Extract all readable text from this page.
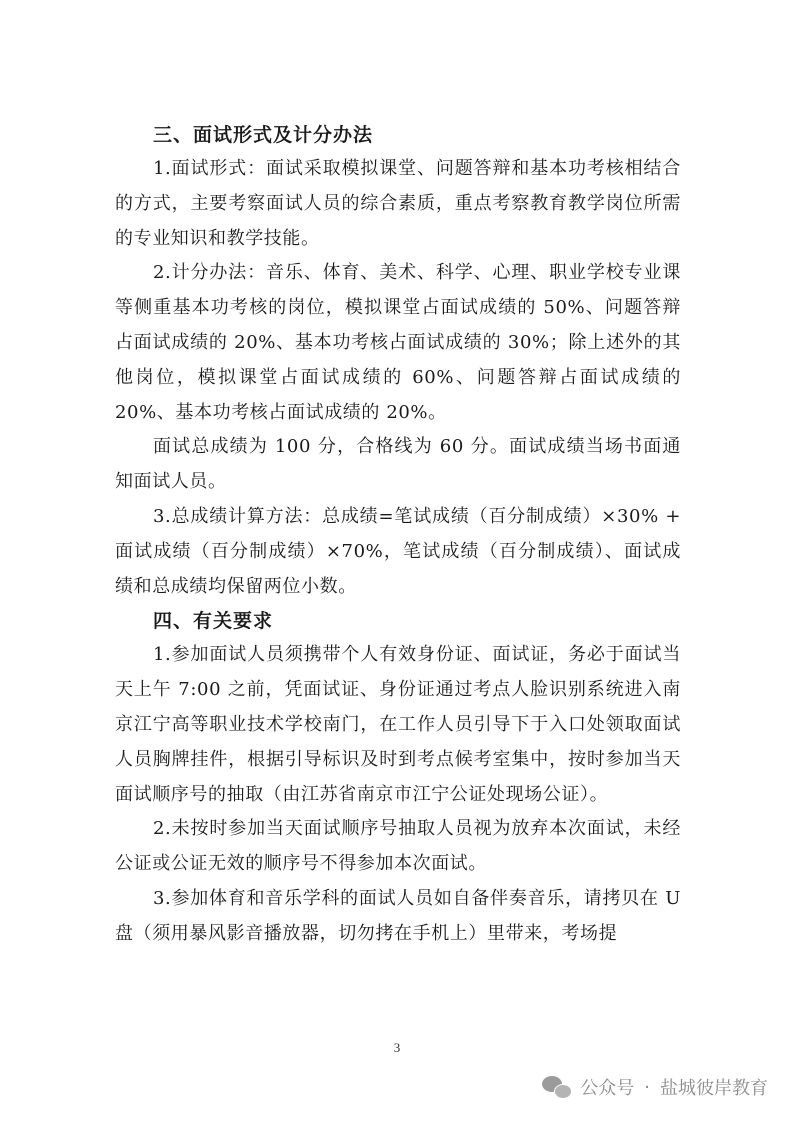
三、面试形式及计分办法

1.面试形式：面试采取模拟课堂、问题答辩和基本功考核相结合的方式，主要考察面试人员的综合素质，重点考察教育教学岗位所需的专业知识和教学技能。

2.计分办法：音乐、体育、美术、科学、心理、职业学校专业课等侧重基本功考核的岗位，模拟课堂占面试成绩的 50%、问题答辩占面试成绩的 20%、基本功考核占面试成绩的 30%；除上述外的其他岗位，模拟课堂占面试成绩的 60%、问题答辩占面试成绩的 20%、基本功考核占面试成绩的 20%。

面试总成绩为 100 分，合格线为 60 分。面试成绩当场书面通知面试人员。

3.总成绩计算方法：总成绩=笔试成绩（百分制成绩）×30% + 面试成绩（百分制成绩）×70%，笔试成绩（百分制成绩）、面试成绩和总成绩均保留两位小数。

四、有关要求

1.参加面试人员须携带个人有效身份证、面试证，务必于面试当天上午 7:00 之前，凭面试证、身份证通过考点人脸识别系统进入南京江宁高等职业技术学校南门，在工作人员引导下于入口处领取面试人员胸牌挂件，根据引导标识及时到考点候考室集中，按时参加当天面试顺序号的抽取（由江苏省南京市江宁公证处现场公证）。

2.未按时参加当天面试顺序号抽取人员视为放弃本次面试，未经公证或公证无效的顺序号不得参加本次面试。

3.参加体育和音乐学科的面试人员如自备伴奏音乐，请拷贝在 U 盘（须用暴风影音播放器，切勿拷在手机上）里带来，考场提

3
公众号 · 盐城彼岸教育
